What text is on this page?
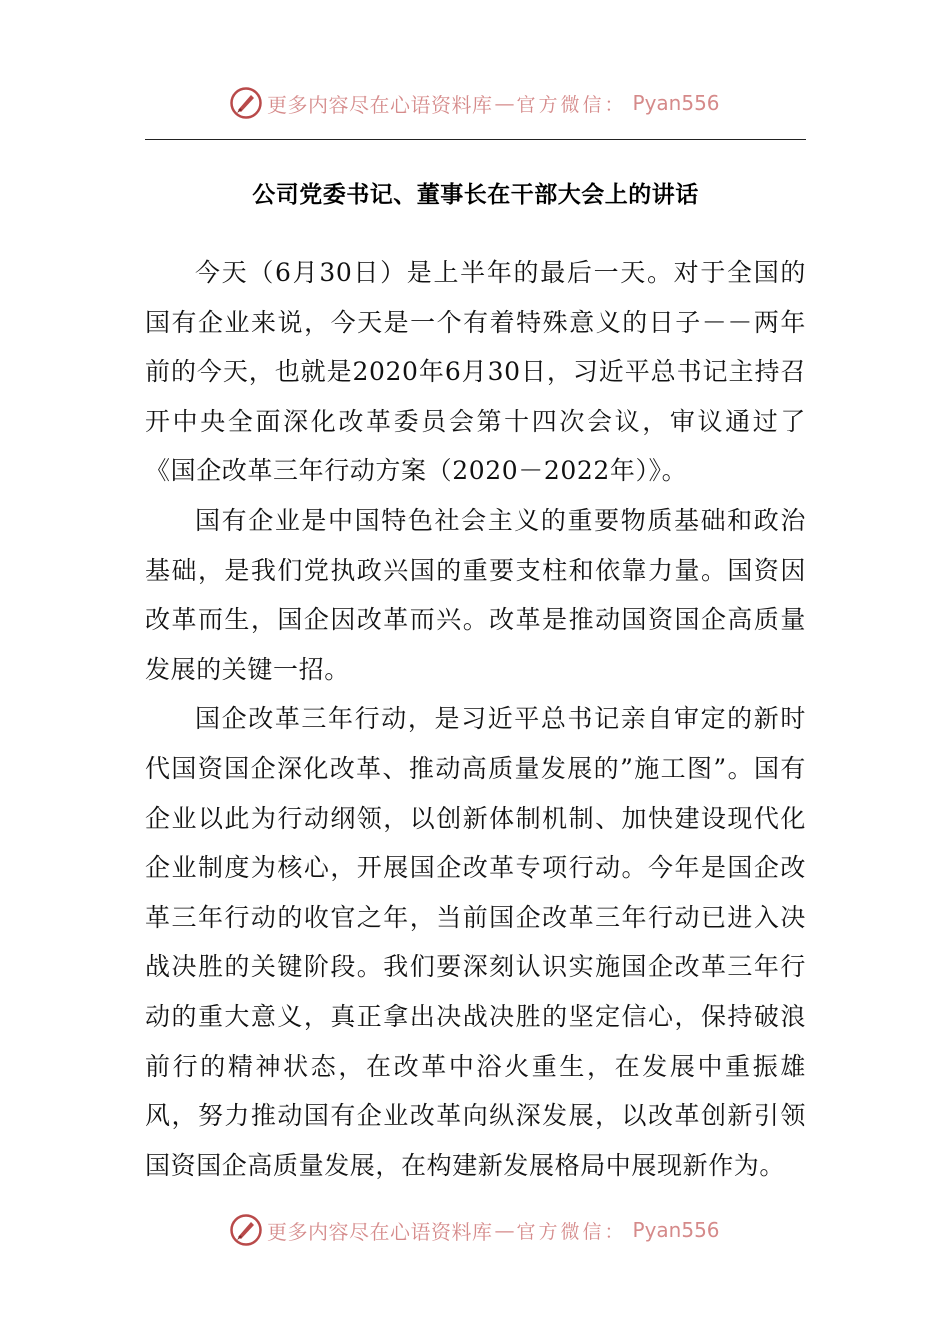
更多内容尽在心语资料库 — 官方微信： Pyan556
公司党委书记、董事长在干部大会上的讲话

今天（6月30日）是上半年的最后一天。对于全国的国有企业来说，今天是一个有着特殊意义的日子－－两年前的今天，也就是2020年6月30日，习近平总书记主持召开中央全面深化改革委员会第十四次会议，审议通过了《国企改革三年行动方案（2020－2022年）》。

国有企业是中国特色社会主义的重要物质基础和政治基础，是我们党执政兴国的重要支柱和依靠力量。国资因改革而生，国企因改革而兴。改革是推动国资国企高质量发展的关键一招。

国企改革三年行动，是习近平总书记亲自审定的新时代国资国企深化改革、推动高质量发展的”施工图”。国有企业以此为行动纲领，以创新体制机制、加快建设现代化企业制度为核心，开展国企改革专项行动。今年是国企改革三年行动的收官之年，当前国企改革三年行动已进入决战决胜的关键阶段。我们要深刻认识实施国企改革三年行动的重大意义，真正拿出决战决胜的坚定信心，保持破浪前行的精神状态，在改革中浴火重生，在发展中重振雄风，努力推动国有企业改革向纵深发展，以改革创新引领国资国企高质量发展，在构建新发展格局中展现新作为。

更多内容尽在心语资料库 — 官方微信： Pyan556
